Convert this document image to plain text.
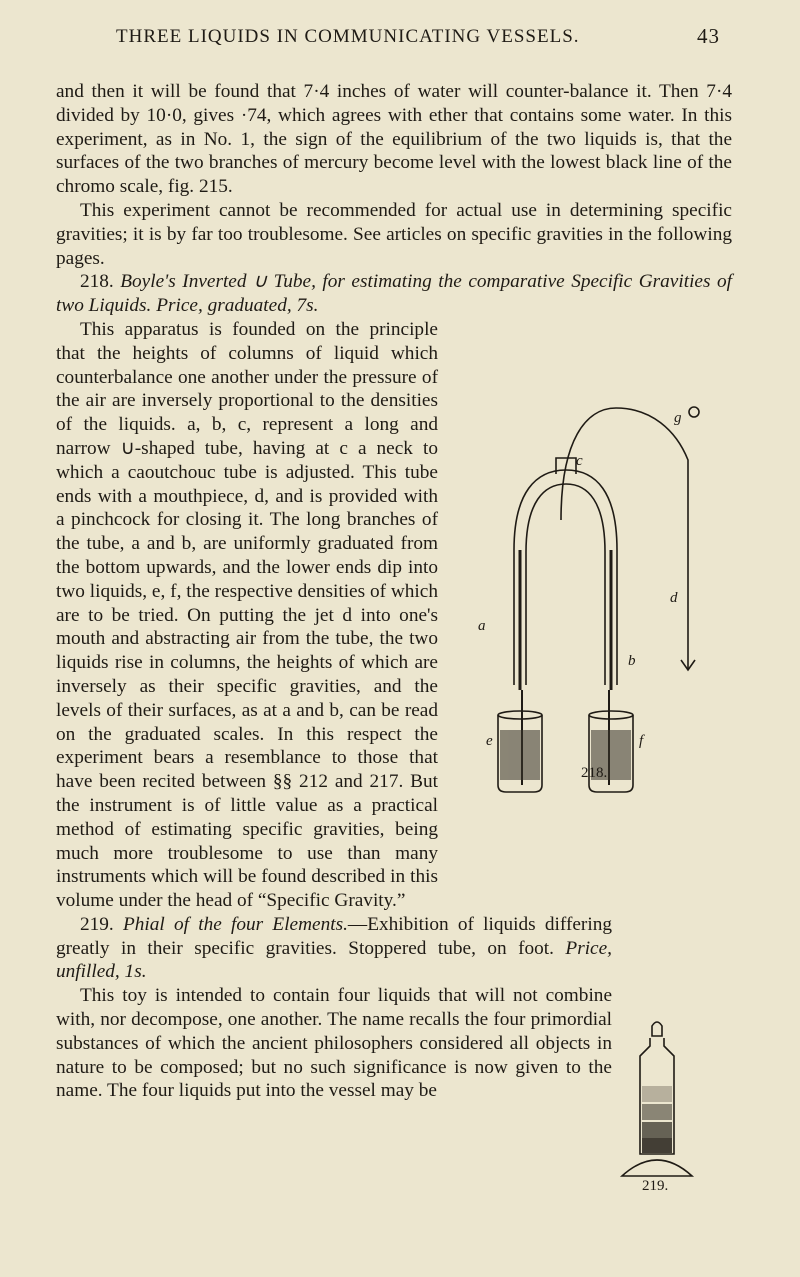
THREE LIQUIDS IN COMMUNICATING VESSELS.	43

and then it will be found that 7·4 inches of water will counter-balance it. Then 7·4 divided by 10·0, gives ·74, which agrees with ether that contains some water. In this experiment, as in No. 1, the sign of the equilibrium of the two liquids is, that the surfaces of the two branches of mercury become level with the lowest black line of the chromo scale, fig. 215.

This experiment cannot be recommended for actual use in determining specific gravities; it is by far too troublesome. See articles on specific gravities in the following pages.

218. Boyle's Inverted ∪ Tube, for estimating the comparative Specific Gravities of two Liquids. Price, graduated, 7s.

This apparatus is founded on the principle that the heights of columns of liquid which counterbalance one another under the pressure of the air are inversely proportional to the densities of the liquids. a, b, c, represent a long and narrow ∪-shaped tube, having at c a neck to which a caoutchouc tube is adjusted. This tube ends with a mouthpiece, d, and is provided with a pinchcock for closing it. The long branches of the tube, a and b, are uniformly graduated from the bottom upwards, and the lower ends dip into two liquids, e, f, the respective densities of which are to be tried. On putting the jet d into one's mouth and abstracting air from the tube, the two liquids rise in columns, the heights of which are inversely as their specific gravities, and the levels of their surfaces, as at a and b, can be read on the graduated scales. In this respect the experiment bears a resemblance to those that have been recited between §§ 212 and 217. But the instrument is of little value as a practical method of estimating specific gravities, being much more troublesome to use than many instruments which will be found described in this volume under the head of “Specific Gravity.”

219. Phial of the four Elements.—Exhibition of liquids differing greatly in their specific gravities. Stoppered tube, on foot. Price, unfilled, 1s.

This toy is intended to contain four liquids that will not combine with, nor decompose, one another. The name recalls the four primordial substances of which the ancient philosophers considered all objects in nature to be composed; but no such significance is now given to the name. The four liquids put into the vessel may be

a
b
c
d
e	f
g
218.
219.
